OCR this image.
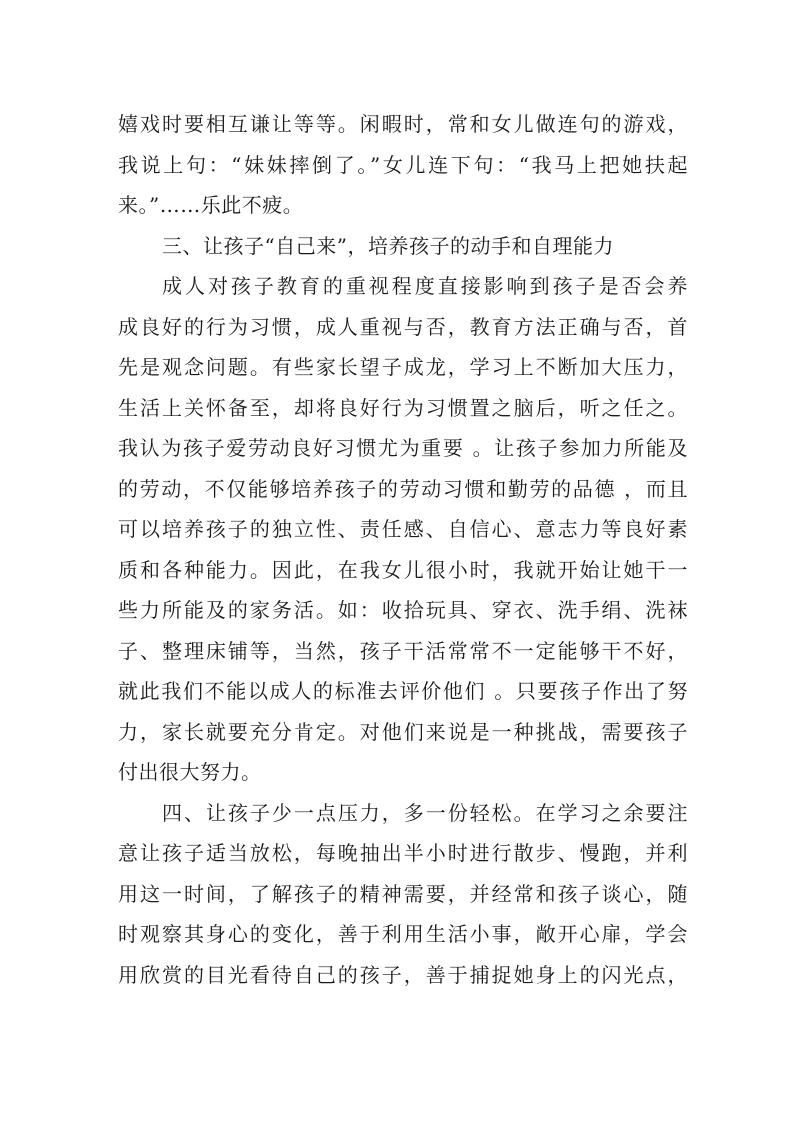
嬉戏时要相互谦让等等。闲暇时，常和女儿做连句的游戏，
我说上句：“妹妹摔倒了。”女儿连下句：“我马上把她扶起
来。”……乐此不疲。
三、让孩子“自己来”，培养孩子的动手和自理能力
成人对孩子教育的重视程度直接影响到孩子是否会养
成良好的行为习惯，成人重视与否，教育方法正确与否，首
先是观念问题。有些家长望子成龙，学习上不断加大压力，
生活上关怀备至，却将良好行为习惯置之脑后，听之任之。
我认为孩子爱劳动良好习惯尤为重要 。让孩子参加力所能及
的劳动，不仅能够培养孩子的劳动习惯和勤劳的品德 ，而且
可以培养孩子的独立性、责任感、自信心、意志力等良好素
质和各种能力。因此，在我女儿很小时，我就开始让她干一
些力所能及的家务活。如：收拾玩具、穿衣、洗手绢、洗袜
子、整理床铺等，当然，孩子干活常常不一定能够干不好，
就此我们不能以成人的标准去评价他们 。只要孩子作出了努
力，家长就要充分肯定。对他们来说是一种挑战，需要孩子
付出很大努力。
四、让孩子少一点压力，多一份轻松。在学习之余要注
意让孩子适当放松，每晚抽出半小时进行散步、慢跑，并利
用这一时间，了解孩子的精神需要，并经常和孩子谈心，随
时观察其身心的变化，善于利用生活小事，敞开心扉，学会
用欣赏的目光看待自己的孩子，善于捕捉她身上的闪光点，
